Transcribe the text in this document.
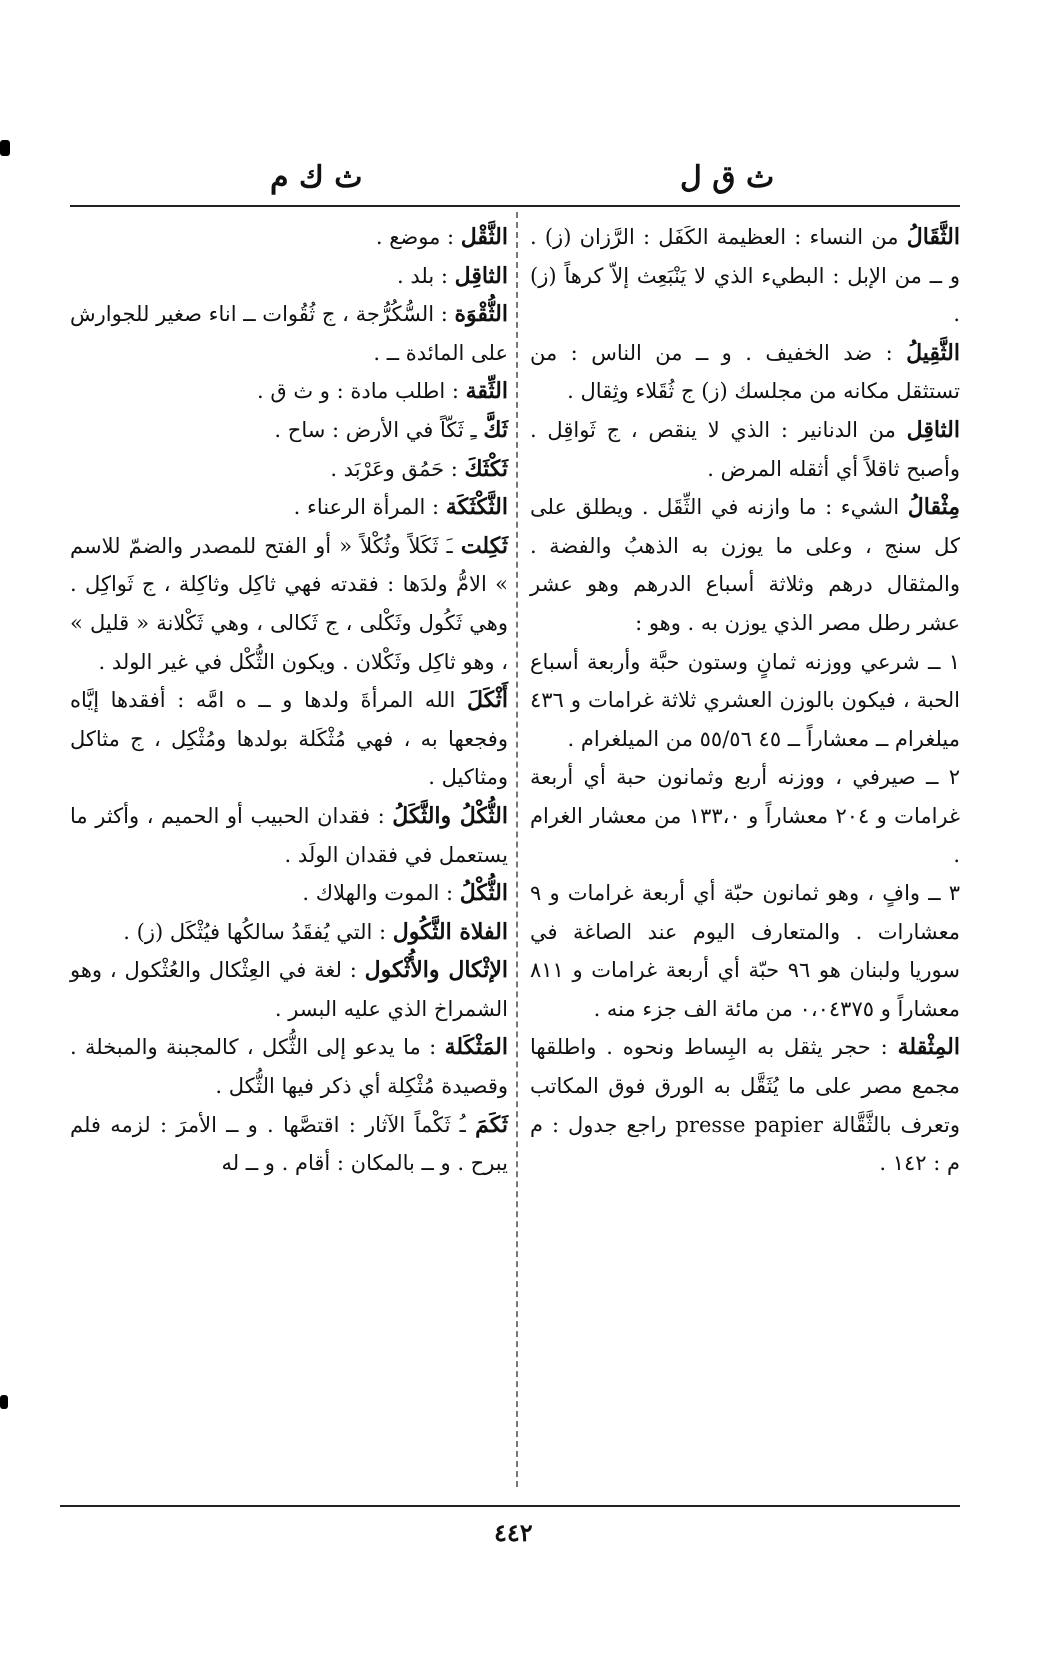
ث ق ل
ث ك م

الثَّقَالُ من النساء : العظيمة الكَفَل : الرَّزان (ز) . و ــ من الإبل : البطيء الذي لا يَنْبَعِث إلاّ كرهاً (ز) .

الثَّقِيلُ : ضد الخفيف . و ــ من الناس : من تستثقل مكانه من مجلسك (ز) ج ثُقَلاء وثِقال .

الثاقِل من الدنانير : الذي لا ينقص ، ج ثَواقِل . وأصبح ثاقلاً أي أثقله المرض .

مِثْقالُ الشيء : ما وازنه في الثِّقَل . ويطلق على كل سنج ، وعلى ما يوزن به الذهبُ والفضة . والمثقال درهم وثلاثة أسباع الدرهم وهو عشر عشر رطل مصر الذي يوزن به . وهو :

١ ــ شرعي ووزنه ثمانٍ وستون حبَّة وأربعة أسباع الحبة ، فيكون بالوزن العشري ثلاثة غرامات و ٤٣٦ ميلغرام ــ معشاراً ــ ٤٥ ٥٥/٥٦ من الميلغرام .

٢ ــ صيرفي ، ووزنه أربع وثمانون حبة أي أربعة غرامات و ٢٠٤ معشاراً و ١٣٣،٠ من معشار الغرام .

٣ ــ وافٍ ، وهو ثمانون حبّة أي أربعة غرامات و ٩ معشارات . والمتعارف اليوم عند الصاغة في سوريا ولبنان هو ٩٦ حبّة أي أربعة غرامات و ٨١١ معشاراً و ٠،٠٤٣٧٥ من مائة الف جزء منه .

المِثْقلة : حجر يثقل به البِساط ونحوه . واطلقها مجمع مصر على ما يُثَقَّل به الورق فوق المكاتب وتعرف بالثَّقَّالة presse papier راجع جدول : م م : ١٤٢ .

الثَّقْل : موضع .

الثاقِل : بلد .

الثُّقْوَة : السُّكُرُّجة ، ج ثُقُوات ــ اناء صغير للجوارش على المائدة ــ .

الثِّقة : اطلب مادة : و ث ق .

ثَكَّ ـِ ثَكّاً في الأرض : ساح .

ثَكْثَكَ : حَمُق وعَرْبَد .

الثَّكْثَكَة : المرأة الرعناء .

ثَكِلت ـَ ثَكَلاً وثُكْلاً « أو الفتح للمصدر والضمّ للاسم » الامُّ ولدَها : فقدته فهي ثاكِل وثاكِلة ، ج ثَواكِل . وهي ثَكُول وثَكْلى ، ج ثَكالى ، وهي ثَكْلانة « قليل » ، وهو ثاكِل وثَكْلان . ويكون الثُّكْل في غير الولد .

أَثْكَلَ الله المرأةَ ولدها و ــ ه امَّه : أفقدها إيَّاه وفجعها به ، فهي مُثْكَلة بولدها ومُثْكِل ، ج مثاكل ومثاكيل .

الثُّكْلُ والثَّكَلُ : فقدان الحبيب أو الحميم ، وأكثر ما يستعمل في فقدان الولَد .

الثُّكْلُ : الموت والهلاك .

الفلاة الثَّكُول : التي يُفقَدُ سالكُها فيُثْكَل (ز) .

الإثْكال والأُثْكول : لغة في العِثْكال والعُثْكول ، وهو الشمراخ الذي عليه البسر .

المَثْكَلة : ما يدعو إلى الثُّكل ، كالمجبنة والمبخلة . وقصيدة مُثْكِلة أي ذكر فيها الثُّكل .

ثَكَمَ ـُ ثَكْماً الآثار : اقتصَّها . و ــ الأمرَ : لزمه فلم يبرح . و ــ بالمكان : أقام . و ــ له

٤٤٢
